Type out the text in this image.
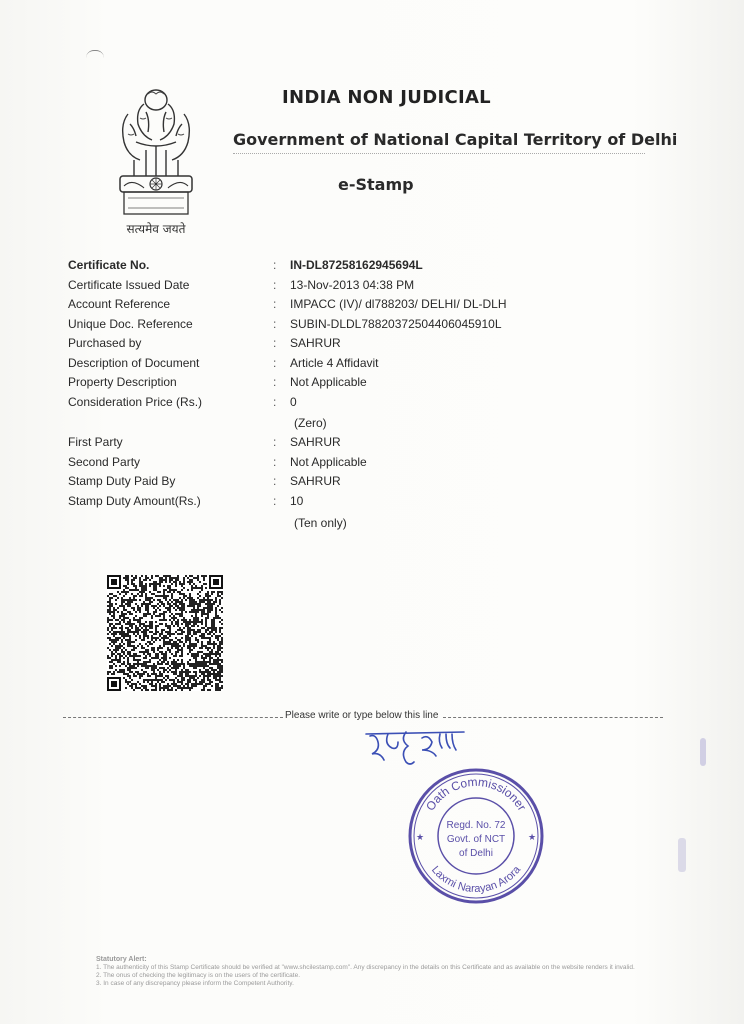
सत्यमेव जयते
INDIA NON JUDICIAL
Government of National Capital Territory of Delhi
e-Stamp
Certificate No.	: IN-DL87258162945694L
Certificate Issued Date	: 13-Nov-2013 04:38 PM
Account Reference	: IMPACC (IV)/ dl788203/ DELHI/ DL-DLH
Unique Doc. Reference	: SUBIN-DLDL78820372504406045910L
Purchased by	: SAHRUR
Description of Document	: Article 4 Affidavit
Property Description	: Not Applicable
Consideration Price (Rs.)	: 0
(Zero)
First Party	: SAHRUR
Second Party	: Not Applicable
Stamp Duty Paid By	: SAHRUR
Stamp Duty Amount(Rs.)	: 10
(Ten only)
Please write or type below this line
Oath Commissioner
Laxmi Narayan Arora
Regd. No. 72
Govt. of NCT
of Delhi
★	★
Statutory Alert:
1. The authenticity of this Stamp Certificate should be verified at "www.shcilestamp.com". Any discrepancy in the details on this Certificate and as available on the website renders it invalid.
2. The onus of checking the legitimacy is on the users of the certificate.
3. In case of any discrepancy please inform the Competent Authority.
